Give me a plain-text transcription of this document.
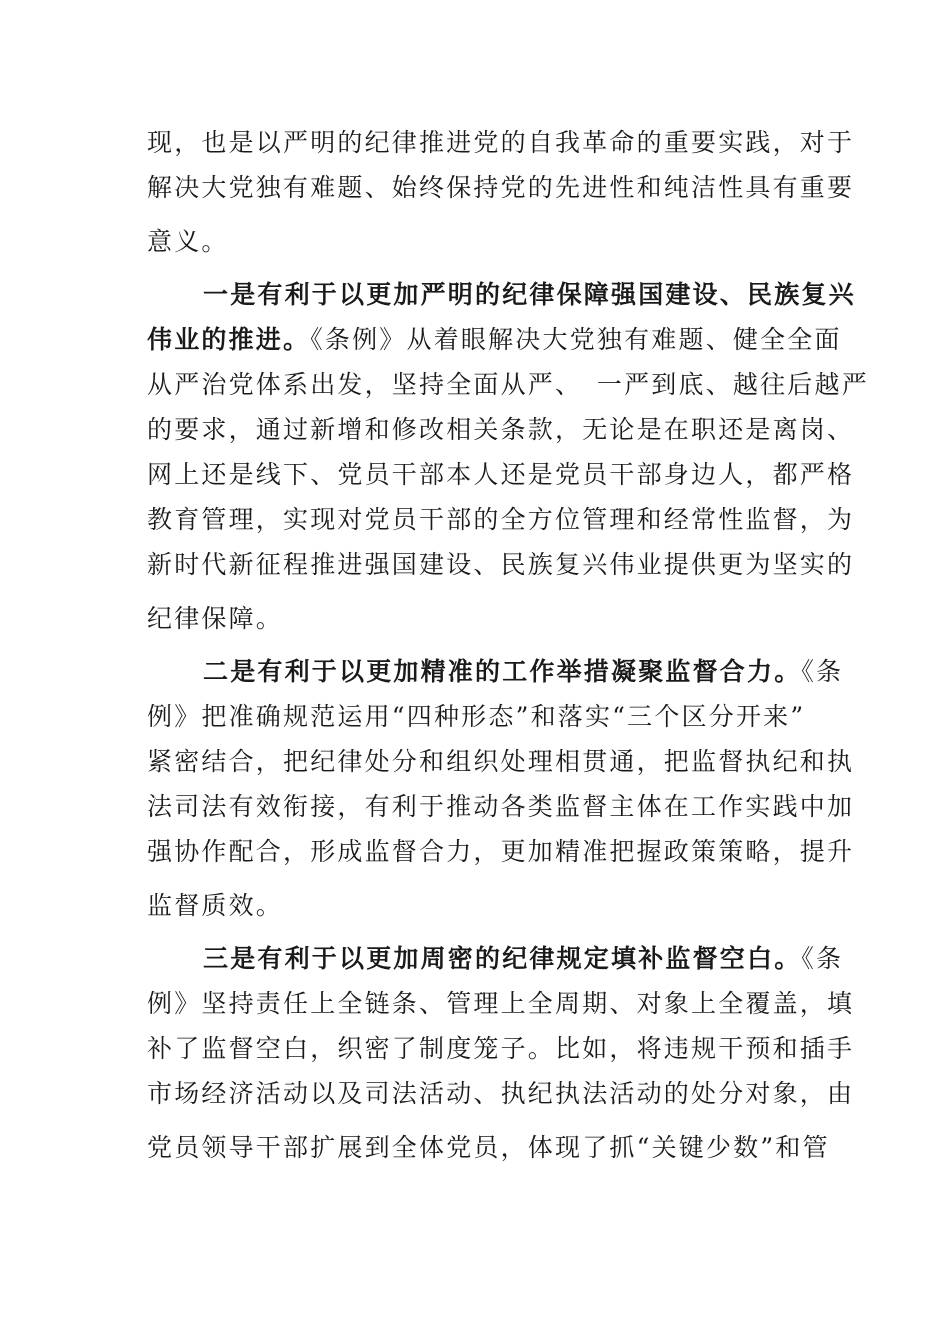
现，也是以严明的纪律推进党的自我革命的重要实践，对于
解决大党独有难题、始终保持党的先进性和纯洁性具有重要
意义。
一是有利于以更加严明的纪律保障强国建设、民族复兴
伟业的推进。《条例》从着眼解决大党独有难题、健全全面
从严治党体系出发，坚持全面从严、　一严到底、越往后越严
的要求，通过新增和修改相关条款，无论是在职还是离岗、
网上还是线下、党员干部本人还是党员干部身边人，都严格
教育管理，实现对党员干部的全方位管理和经常性监督，为
新时代新征程推进强国建设、民族复兴伟业提供更为坚实的
纪律保障。
二是有利于以更加精准的工作举措凝聚监督合力。《条
例》把准确规范运用“四种形态”和落实“三个区分开来”
紧密结合，把纪律处分和组织处理相贯通，把监督执纪和执
法司法有效衔接，有利于推动各类监督主体在工作实践中加
强协作配合，形成监督合力，更加精准把握政策策略，提升
监督质效。
三是有利于以更加周密的纪律规定填补监督空白。《条
例》坚持责任上全链条、管理上全周期、对象上全覆盖，填
补了监督空白，织密了制度笼子。比如，将违规干预和插手
市场经济活动以及司法活动、执纪执法活动的处分对象，由
党员领导干部扩展到全体党员，体现了抓“关键少数”和管
